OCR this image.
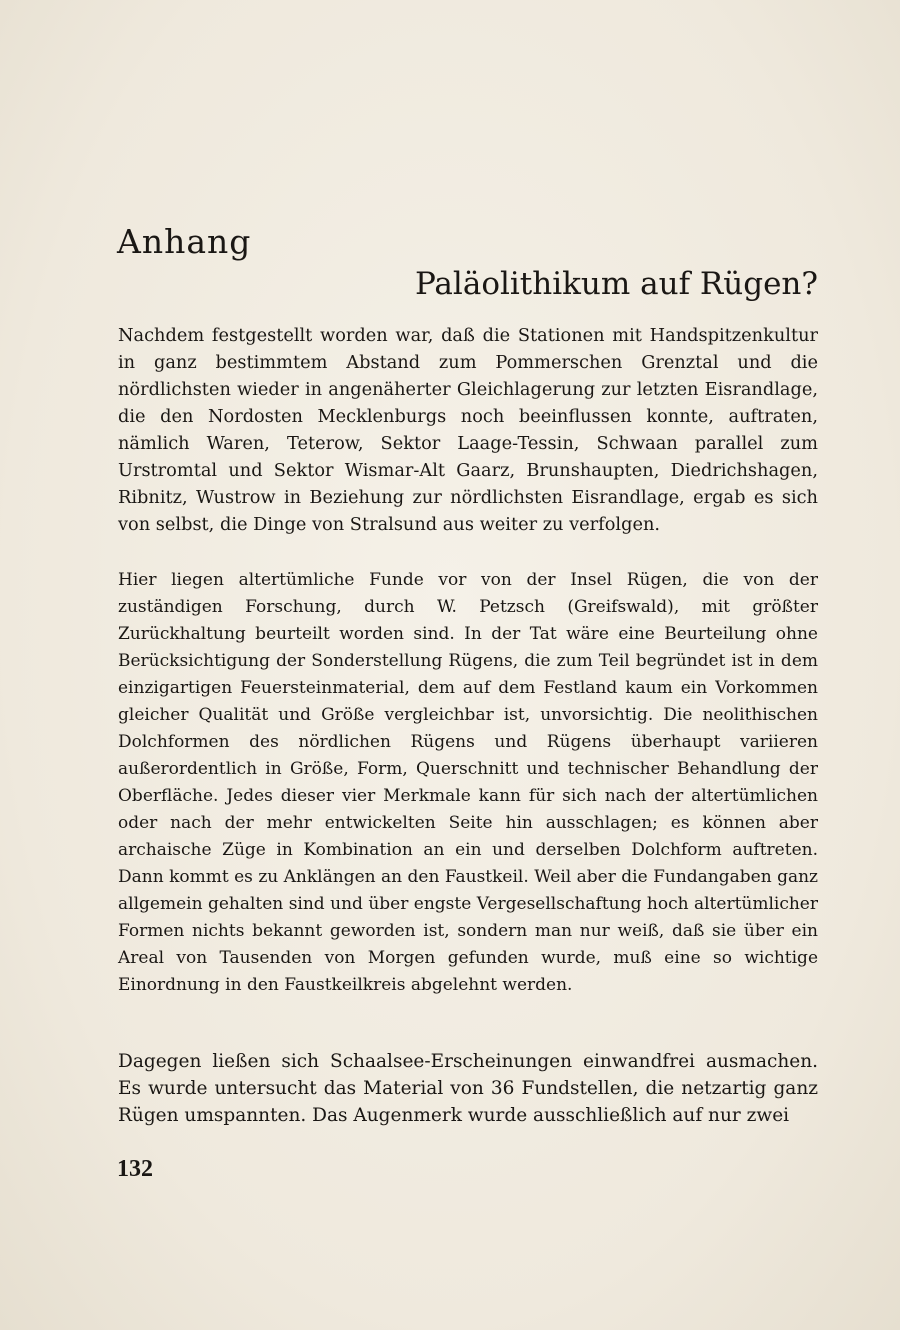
Anhang
Paläolithikum auf Rügen?

Nachdem festgestellt worden war, daß die Stationen mit Handspitzenkultur in ganz bestimmtem Abstand zum Pommerschen Grenztal und die nördlichsten wieder in angenäherter Gleichlagerung zur letzten Eisrandlage, die den Nordosten Mecklenburgs noch beeinflussen konnte, auftraten, nämlich Waren, Teterow, Sektor Laage-Tessin, Schwaan parallel zum Urstromtal und Sektor Wismar-Alt Gaarz, Brunshaupten, Diedrichshagen, Ribnitz, Wustrow in Beziehung zur nördlichsten Eisrandlage, ergab es sich von selbst, die Dinge von Stralsund aus weiter zu verfolgen.

Hier liegen altertümliche Funde vor von der Insel Rügen, die von der zuständigen Forschung, durch W. Petzsch (Greifswald), mit größter Zurückhaltung beurteilt worden sind. In der Tat wäre eine Beurteilung ohne Berücksichtigung der Sonderstellung Rügens, die zum Teil begründet ist in dem einzigartigen Feuersteinmaterial, dem auf dem Festland kaum ein Vorkommen gleicher Qualität und Größe vergleichbar ist, unvorsichtig. Die neolithischen Dolchformen des nördlichen Rügens und Rügens überhaupt variieren außerordentlich in Größe, Form, Querschnitt und technischer Behandlung der Oberfläche. Jedes dieser vier Merkmale kann für sich nach der altertümlichen oder nach der mehr entwickelten Seite hin ausschlagen; es können aber archaische Züge in Kombination an ein und derselben Dolchform auftreten. Dann kommt es zu Anklängen an den Faustkeil. Weil aber die Fundangaben ganz allgemein gehalten sind und über engste Vergesellschaftung hoch altertümlicher Formen nichts bekannt geworden ist, sondern man nur weiß, daß sie über ein Areal von Tausenden von Morgen gefunden wurde, muß eine so wichtige Einordnung in den Faustkeilkreis abgelehnt werden.

Dagegen ließen sich Schaalsee-Erscheinungen einwandfrei ausmachen. Es wurde untersucht das Material von 36 Fundstellen, die netzartig ganz Rügen umspannten. Das Augenmerk wurde ausschließlich auf nur zwei

132
